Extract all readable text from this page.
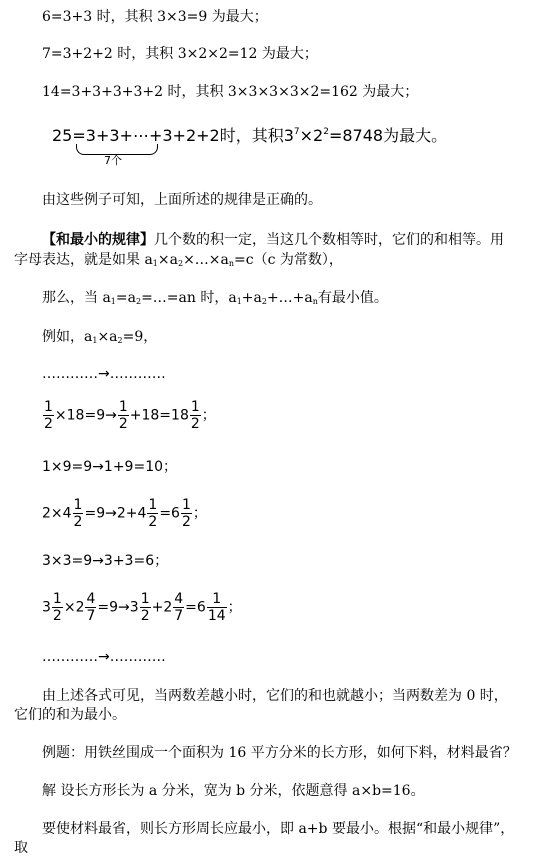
6=3+3 时，其积 3×3=9 为最大；
7=3+2+2 时，其积 3×2×2=12 为最大；
14=3+3+3+3+2 时，其积 3×3×3×3×2=162 为最大；
25=3+3+⋯+3+2+2时，其积$3^7\times 2^2=8748$为最大。
7个
由这些例子可知，上面所述的规律是正确的。
【和最小的规律】几个数的积一定，当这几个数相等时，它们的和相等。用
字母表达，就是如果 $a_1\times a_2\times\dots\times a_n=c(c$ 为常数），
那么，当 $a_1=a_2=\dots=an$ 时，$a_1+a_2+\dots+a_n$有最小值。
例如，$a_1\times a_2=9$，
…………→…………
$\frac{1}{2} \times 18=9\to \frac{1}{2} +18=18 \frac{1}{2}$ ；
1×9=9→1+9=10；
$2\times 4 \frac{1}{2} =9\to 2+4 \frac{1}{2} =6 \frac{1}{2}$ ；
3×3=9→3+3=6；
$3 \frac{1}{2} \times 2 \frac{4}{7} =9\to 3 \frac{1}{2} +2 \frac{4}{7} =6 \frac{1}{14}$ ；
…………→…………
由上述各式可见，当两数差越小时，它们的和也就越小；当两数差为 0 时，
它们的和为最小。
例题：用铁丝围成一个面积为 16 平方分米的长方形，如何下料，材料最省？
解 设长方形长为 a 分米，宽为 b 分米，依题意得 a×b=16。
要使材料最省，则长方形周长应最小，即 a+b 要最小。根据“和最小规律”，
取
